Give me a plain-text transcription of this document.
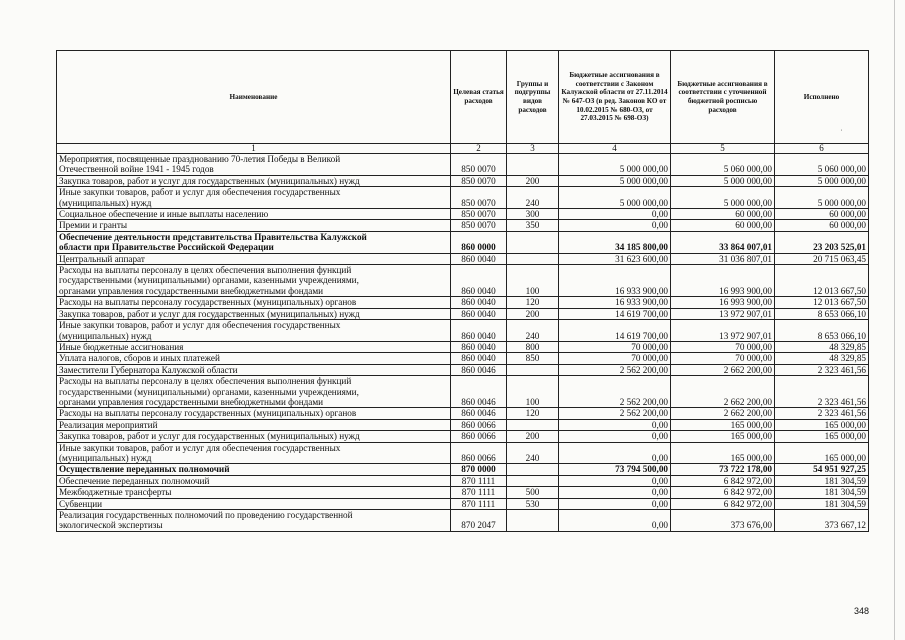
Наименование	Целевая статья расходов	Группы и подгруппы видов расходов	Бюджетные ассигнования в соответствии с Законом Калужской области от 27.11.2014 № 647-ОЗ (в ред. Законов КО от 10.02.2015 № 680-ОЗ, от 27.03.2015 № 698-ОЗ)	Бюджетные ассигнования в соответствии с уточненной бюджетной росписью расходов	Исполнено
1	2	3	4	5	6

Мероприятия, посвященные празднованию 70-летия Победы в Великой
Отечественной войне 1941 - 1945 годов	850 0070		5 000 000,00	5 060 000,00	5 060 000,00

Закупка товаров, работ и услуг для государственных (муниципальных) нужд	850 0070	200	5 000 000,00	5 000 000,00	5 000 000,00

Иные закупки товаров, работ и услуг для обеспечения государственных
(муниципальных) нужд	850 0070	240	5 000 000,00	5 000 000,00	5 000 000,00

Социальное обеспечение и иные выплаты населению	850 0070	300	0,00	60 000,00	60 000,00

Премии и гранты	850 0070	350	0,00	60 000,00	60 000,00

Обеспечение деятельности представительства Правительства Калужской
области при Правительстве Российской Федерации	860 0000		34 185 800,00	33 864 007,01	23 203 525,01

Центральный аппарат	860 0040		31 623 600,00	31 036 807,01	20 715 063,45

Расходы на выплаты персоналу в целях обеспечения выполнения функций
государственными (муниципальными) органами, казенными учреждениями,
органами управления государственными внебюджетными фондами	860 0040	100	16 933 900,00	16 993 900,00	12 013 667,50

Расходы на выплаты персоналу государственных (муниципальных) органов	860 0040	120	16 933 900,00	16 993 900,00	12 013 667,50

Закупка товаров, работ и услуг для государственных (муниципальных) нужд	860 0040	200	14 619 700,00	13 972 907,01	8 653 066,10

Иные закупки товаров, работ и услуг для обеспечения государственных
(муниципальных) нужд	860 0040	240	14 619 700,00	13 972 907,01	8 653 066,10

Иные бюджетные ассигнования	860 0040	800	70 000,00	70 000,00	48 329,85

Уплата налогов, сборов и иных платежей	860 0040	850	70 000,00	70 000,00	48 329,85

Заместители Губернатора Калужской области	860 0046		2 562 200,00	2 662 200,00	2 323 461,56

Расходы на выплаты персоналу в целях обеспечения выполнения функций
государственными (муниципальными) органами, казенными учреждениями,
органами управления государственными внебюджетными фондами	860 0046	100	2 562 200,00	2 662 200,00	2 323 461,56

Расходы на выплаты персоналу государственных (муниципальных) органов	860 0046	120	2 562 200,00	2 662 200,00	2 323 461,56

Реализация мероприятий	860 0066		0,00	165 000,00	165 000,00

Закупка товаров, работ и услуг для государственных (муниципальных) нужд	860 0066	200	0,00	165 000,00	165 000,00

Иные закупки товаров, работ и услуг для обеспечения государственных
(муниципальных) нужд	860 0066	240	0,00	165 000,00	165 000,00

Осуществление переданных полномочий	870 0000		73 794 500,00	73 722 178,00	54 951 927,25

Обеспечение переданных полномочий	870 1111		0,00	6 842 972,00	181 304,59

Межбюджетные трансферты	870 1111	500	0,00	6 842 972,00	181 304,59

Субвенции	870 1111	530	0,00	6 842 972,00	181 304,59

Реализация государственных полномочий по проведению государственной
экологической экспертизы	870 2047		0,00	373 676,00	373 667,12
˙
348
